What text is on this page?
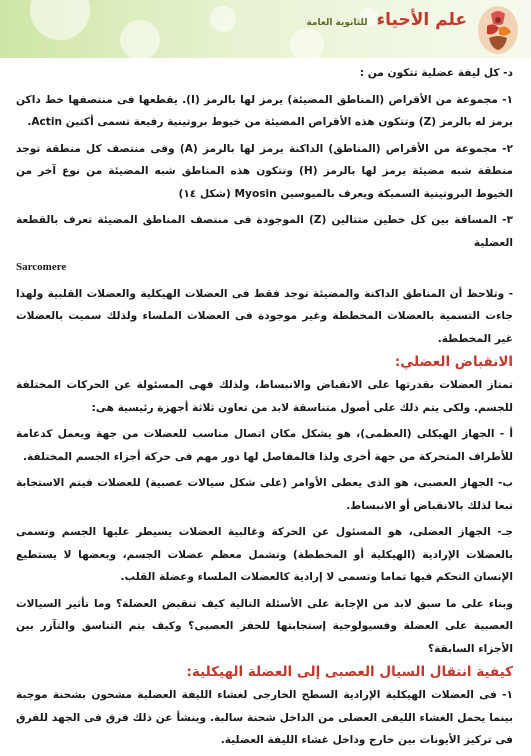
علم الأحياء للثانوية العامة

د- كل ليفة عضلية تتكون من :

١- مجموعة من الأقراص (المناطق المضيئة) يرمز لها بالرمز (I). يقطعها فى منتصفها خط داكن يرمز له بالرمز (Z) وتتكون هذه الأقراص المضيئة من خيوط بروتينية رفيعة تسمى أكتين Actin.

٢- مجموعة من الأقراص (المناطق) الداكنة يرمز لها بالرمز (A) وفى منتصف كل منطقة توجد منطقة شبه مضيئة يرمز لها بالرمز (H) وتتكون هذه المناطق شبه المضيئة من نوع آخر من الخيوط البروتينية السميكة ويعرف بالميوسين Myosin (شكل ١٤)

٣- المسافة بين كل خطين متتالين (Z) الموجودة فى منتصف المناطق المضيئة تعرف بالقطعة العضلية

Sarcomere

- وتلاحظ أن المناطق الداكنة والمضيئة توجد فقط فى العضلات الهيكلية والعضلات القلبية ولهذا جاءت التسمية بالعضلات المخططة وغير موجودة فى العضلات الملساء ولذلك سميت بالعضلات غير المخططة.

الانقباض العضلي:

تمتاز العضلات بقدرتها على الانقباض والانبساط، ولذلك فهى المسئولة عن الحركات المختلفة للجسم. ولكى يتم ذلك على أصول متناسقة لابد من تعاون ثلاثة أجهزة رئيسية هى:

أ - الجهاز الهيكلى (العظمى)، هو يشكل مكان اتصال مناسب للعضلات من جهة ويعمل كدعامة للأطراف المتحركة من جهة أخرى ولذا فالمفاصل لها دور مهم فى حركة أجزاء الجسم المختلفة.

ب- الجهاز العصبى، هو الذى يعطى الأوامر (على شكل سيالات عصبية) للعضلات فيتم الاستجابة تبعا لذلك بالانقباض أو الانبساط.

جـ- الجهاز العضلى، هو المسئول عن الحركة وغالبية العضلات يسيطر عليها الجسم وتسمى بالعضلات الإرادية (الهيكلية أو المخططة) وتشمل معظم عضلات الجسم، وبعضها لا يستطيع الإنسان التحكم فيها تماما وتسمى لا إرادية كالعضلات الملساء وعضلة القلب.

وبناء على ما سبق لابد من الإجابة على الأسئلة التالية كيف تنقبض العضلة؟ وما تأثير السيالات العصبية على العضلة وفسيولوجية إستجابتها للحفز العصبى؟ وكيف يتم التناسق والتآزر بين الأجزاء السابقة؟

كيفية انتقال السيال العصبى إلى العضلة الهيكلية:

١- فى العضلات الهيكلية الإرادية السطح الخارجى لغشاء الليفة العضلية مشحون بشحنة موجبة بينما يحمل الغشاء الليفى العضلى من الداخل شحنة سالبة. وينشأ عن ذلك فرق فى الجهد للفرق فى تركيز الأيونات بين خارج وداخل غشاء الليفة العضلية.
